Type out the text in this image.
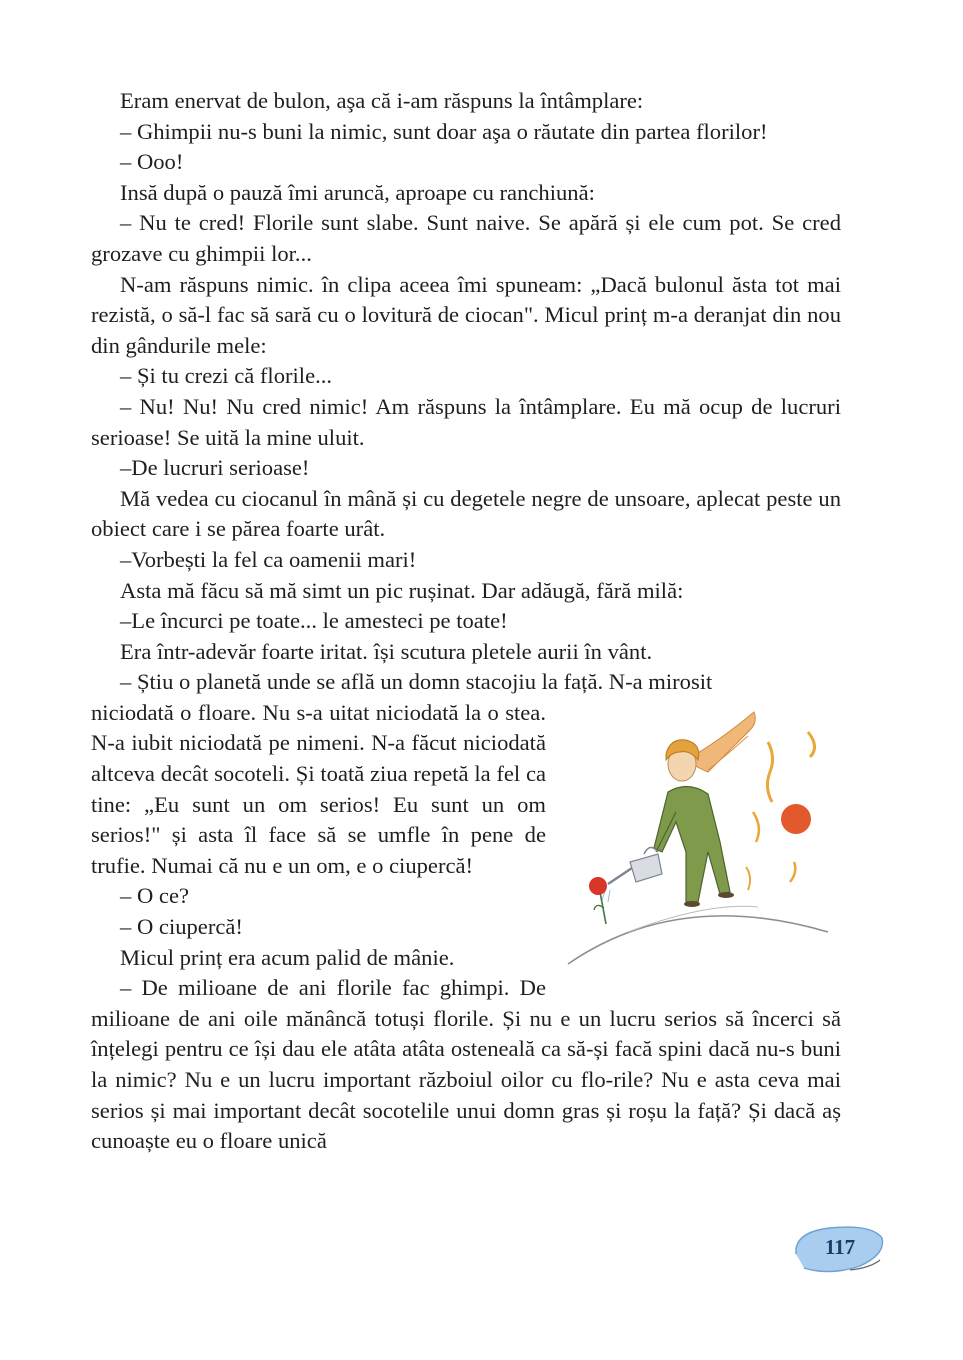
Eram enervat de bulon, aşa că i-am răspuns la întâmplare:

– Ghimpii nu-s buni la nimic, sunt doar aşa o răutate din partea florilor!

– Ooo!

Insă după o pauză îmi aruncă, aproape cu ranchiună:

– Nu te cred! Florile sunt slabe. Sunt naive. Se apără și ele cum pot. Se cred grozave cu ghimpii lor...

N-am răspuns nimic. în clipa aceea îmi spuneam: „Dacă bulonul ăsta tot mai rezistă, o să-l fac să sară cu o lovitură de ciocan". Micul prinț m-a deranjat din nou din gândurile mele:

– Și tu crezi că florile...

– Nu! Nu! Nu cred nimic! Am răspuns la întâmplare. Eu mă ocup de lucruri serioase! Se uită la mine uluit.

–De lucruri serioase!

Mă vedea cu ciocanul în mână și cu degetele negre de unsoare, aplecat peste un obiect care i se părea foarte urât.

–Vorbești la fel ca oamenii mari!

Asta mă făcu să mă simt un pic rușinat. Dar adăugă, fără milă:

–Le încurci pe toate... le amesteci pe toate!

Era într-adevăr foarte iritat. își scutura pletele aurii în vânt.

– Știu o planetă unde se află un domn stacojiu la față. N-a mirosit

niciodată o floare. Nu s-a uitat niciodată la o stea. N-a iubit niciodată pe nimeni. N-a făcut niciodată altceva decât socoteli. Și toată ziua repetă la fel ca tine: „Eu sunt un om serios! Eu sunt un om serios!" și asta îl face să se umfle în pene de trufie. Numai că nu e un om, e o ciupercă!

– O ce?

– O ciupercă!

Micul prinț era acum palid de mânie.

– De milioane de ani florile fac ghimpi. De milioane de ani oile mănâncă totuși florile. Și nu e un lucru serios să încerci să înțelegi pentru ce își dau ele atâta atâta osteneală ca să-și facă spini dacă nu-s buni la nimic? Nu e un lucru important războiul oilor cu flo-rile? Nu e asta ceva mai serios și mai important decât socotelile unui domn gras și roșu la față? Și dacă aș cunoaște eu o floare unică

117
